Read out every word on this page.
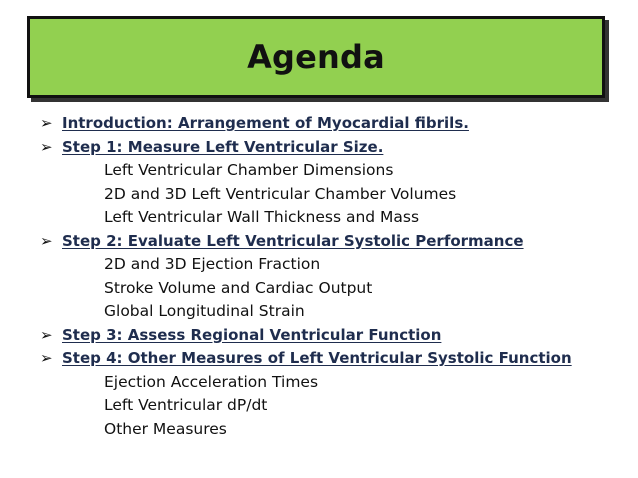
Agenda
➢ Introduction: Arrangement of Myocardial fibrils.
➢ Step 1: Measure Left Ventricular Size.
Left Ventricular Chamber Dimensions
2D and 3D Left Ventricular Chamber Volumes
Left Ventricular Wall Thickness and Mass
➢ Step 2: Evaluate Left Ventricular Systolic Performance
2D and 3D Ejection Fraction
Stroke Volume and Cardiac Output
Global Longitudinal Strain
➢ Step 3: Assess Regional Ventricular Function
➢ Step 4: Other Measures of Left Ventricular Systolic Function
Ejection Acceleration Times
Left Ventricular dP/dt
Other Measures
